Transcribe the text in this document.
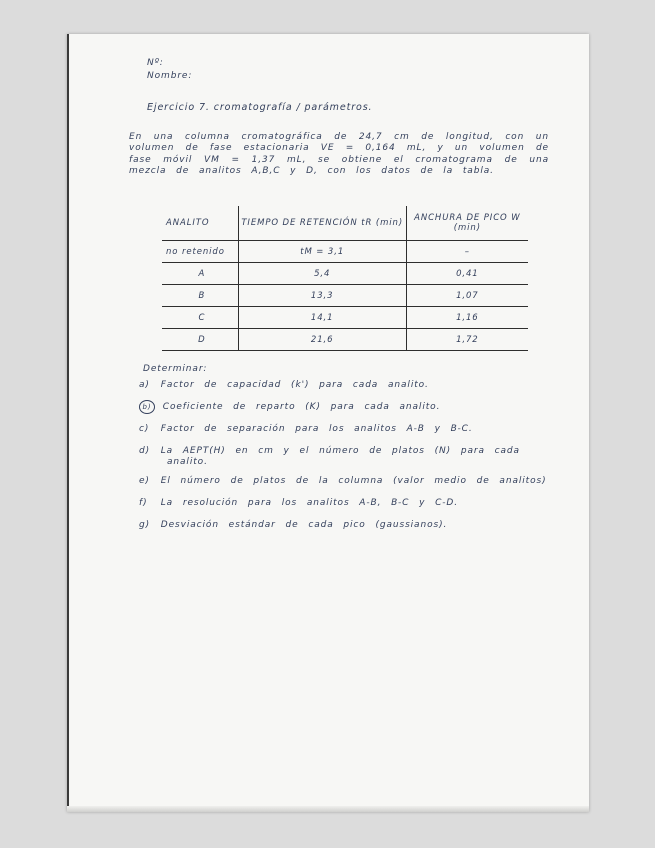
Nº:
Nombre:
Ejercicio 7. cromatografía / parámetros.
En una columna cromatográfica de 24,7 cm de longitud, con un volumen de fase estacionaria VE = 0,164 mL, y un volumen de fase móvil VM = 1,37 mL, se obtiene el cromatograma de una mezcla de analitos A,B,C y D, con los datos de la tabla.
ANALITO	TIEMPO DE RETENCIÓN tR (min)	ANCHURA DE PICO W (min)
no retenido	tM = 3,1	–
A	5,4	0,41
B	13,3	1,07
C	14,1	1,16
D	21,6	1,72
Determinar:
a) Factor de capacidad (k') para cada analito.
b) Coeficiente de reparto (K) para cada analito.
c) Factor de separación para los analitos A-B y B-C.
d) La AEPT(H) en cm y el número de platos (N) para cada
analito.
e) El número de platos de la columna (valor medio de analitos)
f) La resolución para los analitos A-B, B-C y C-D.
g) Desviación estándar de cada pico (gaussianos).
